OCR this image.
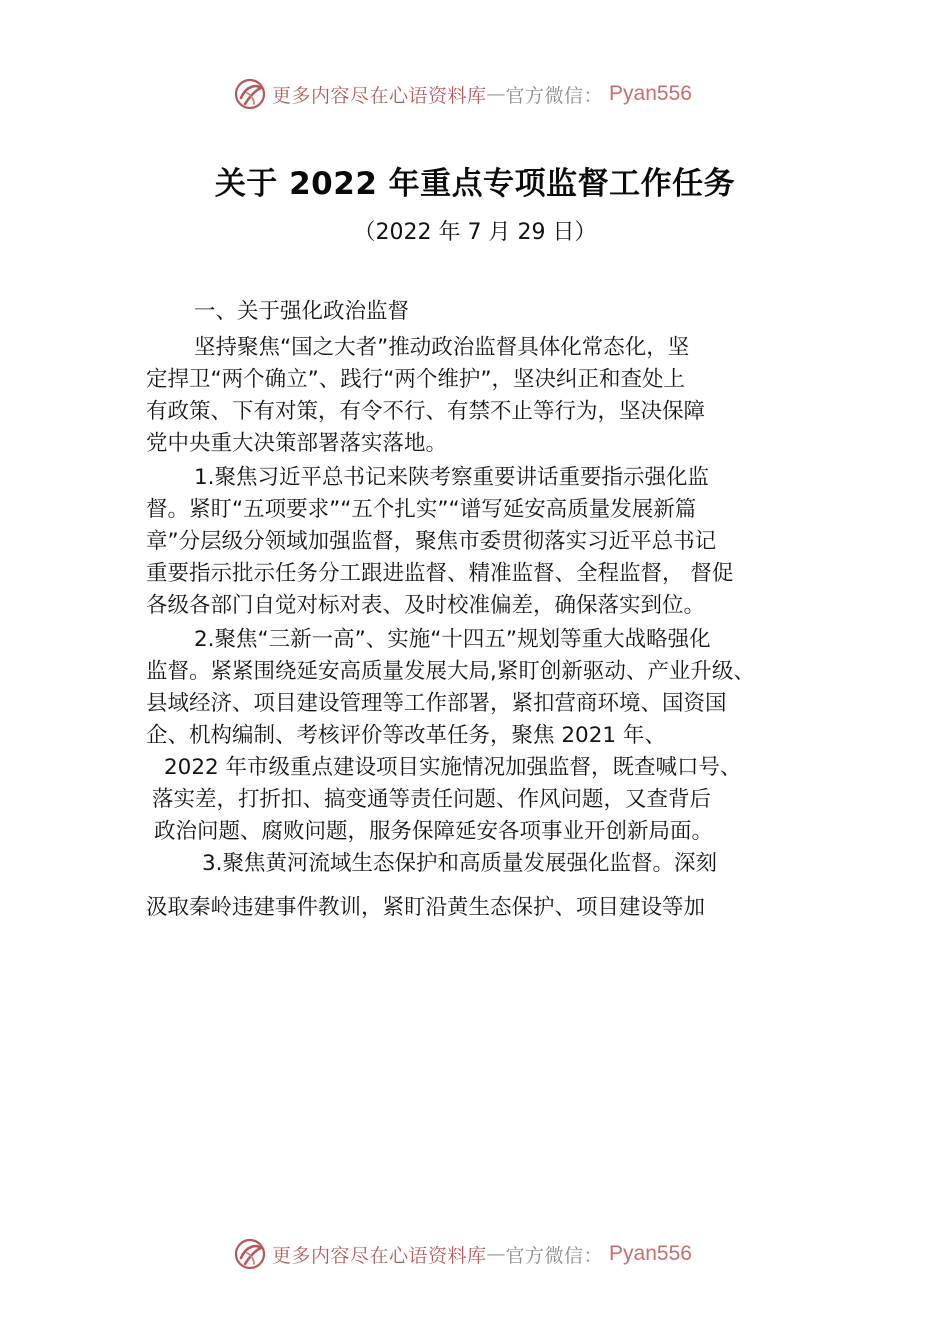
更多内容尽在心语资料库 — 官方微信： Pyan556
关于 2022 年重点专项监督工作任务
（2022 年 7 月 29 日）
一、关于强化政治监督
坚持聚焦“国之大者”推动政治监督具体化常态化，坚
定捍卫“两个确立”、践行“两个维护”，坚决纠正和查处上
有政策、下有对策，有令不行、有禁不止等行为，坚决保障
党中央重大决策部署落实落地。
1.聚焦习近平总书记来陕考察重要讲话重要指示强化监
督。紧盯“五项要求”“五个扎实”“谱写延安高质量发展新篇
章”分层级分领域加强监督，聚焦市委贯彻落实习近平总书记
重要指示批示任务分工跟进监督、精准监督、全程监督， 督促
各级各部门自觉对标对表、及时校准偏差，确保落实到位。
2.聚焦“三新一高”、实施“十四五”规划等重大战略强化
监督。紧紧围绕延安高质量发展大局,紧盯创新驱动、产业升级、
县域经济、项目建设管理等工作部署，紧扣营商环境、国资国
企、机构编制、考核评价等改革任务，聚焦 2021 年、
2022 年市级重点建设项目实施情况加强监督，既查喊口号、
落实差，打折扣、搞变通等责任问题、作风问题，又查背后
政治问题、腐败问题，服务保障延安各项事业开创新局面。
3.聚焦黄河流域生态保护和高质量发展强化监督。深刻
汲取秦岭违建事件教训，紧盯沿黄生态保护、项目建设等加
更多内容尽在心语资料库 — 官方微信： Pyan556
